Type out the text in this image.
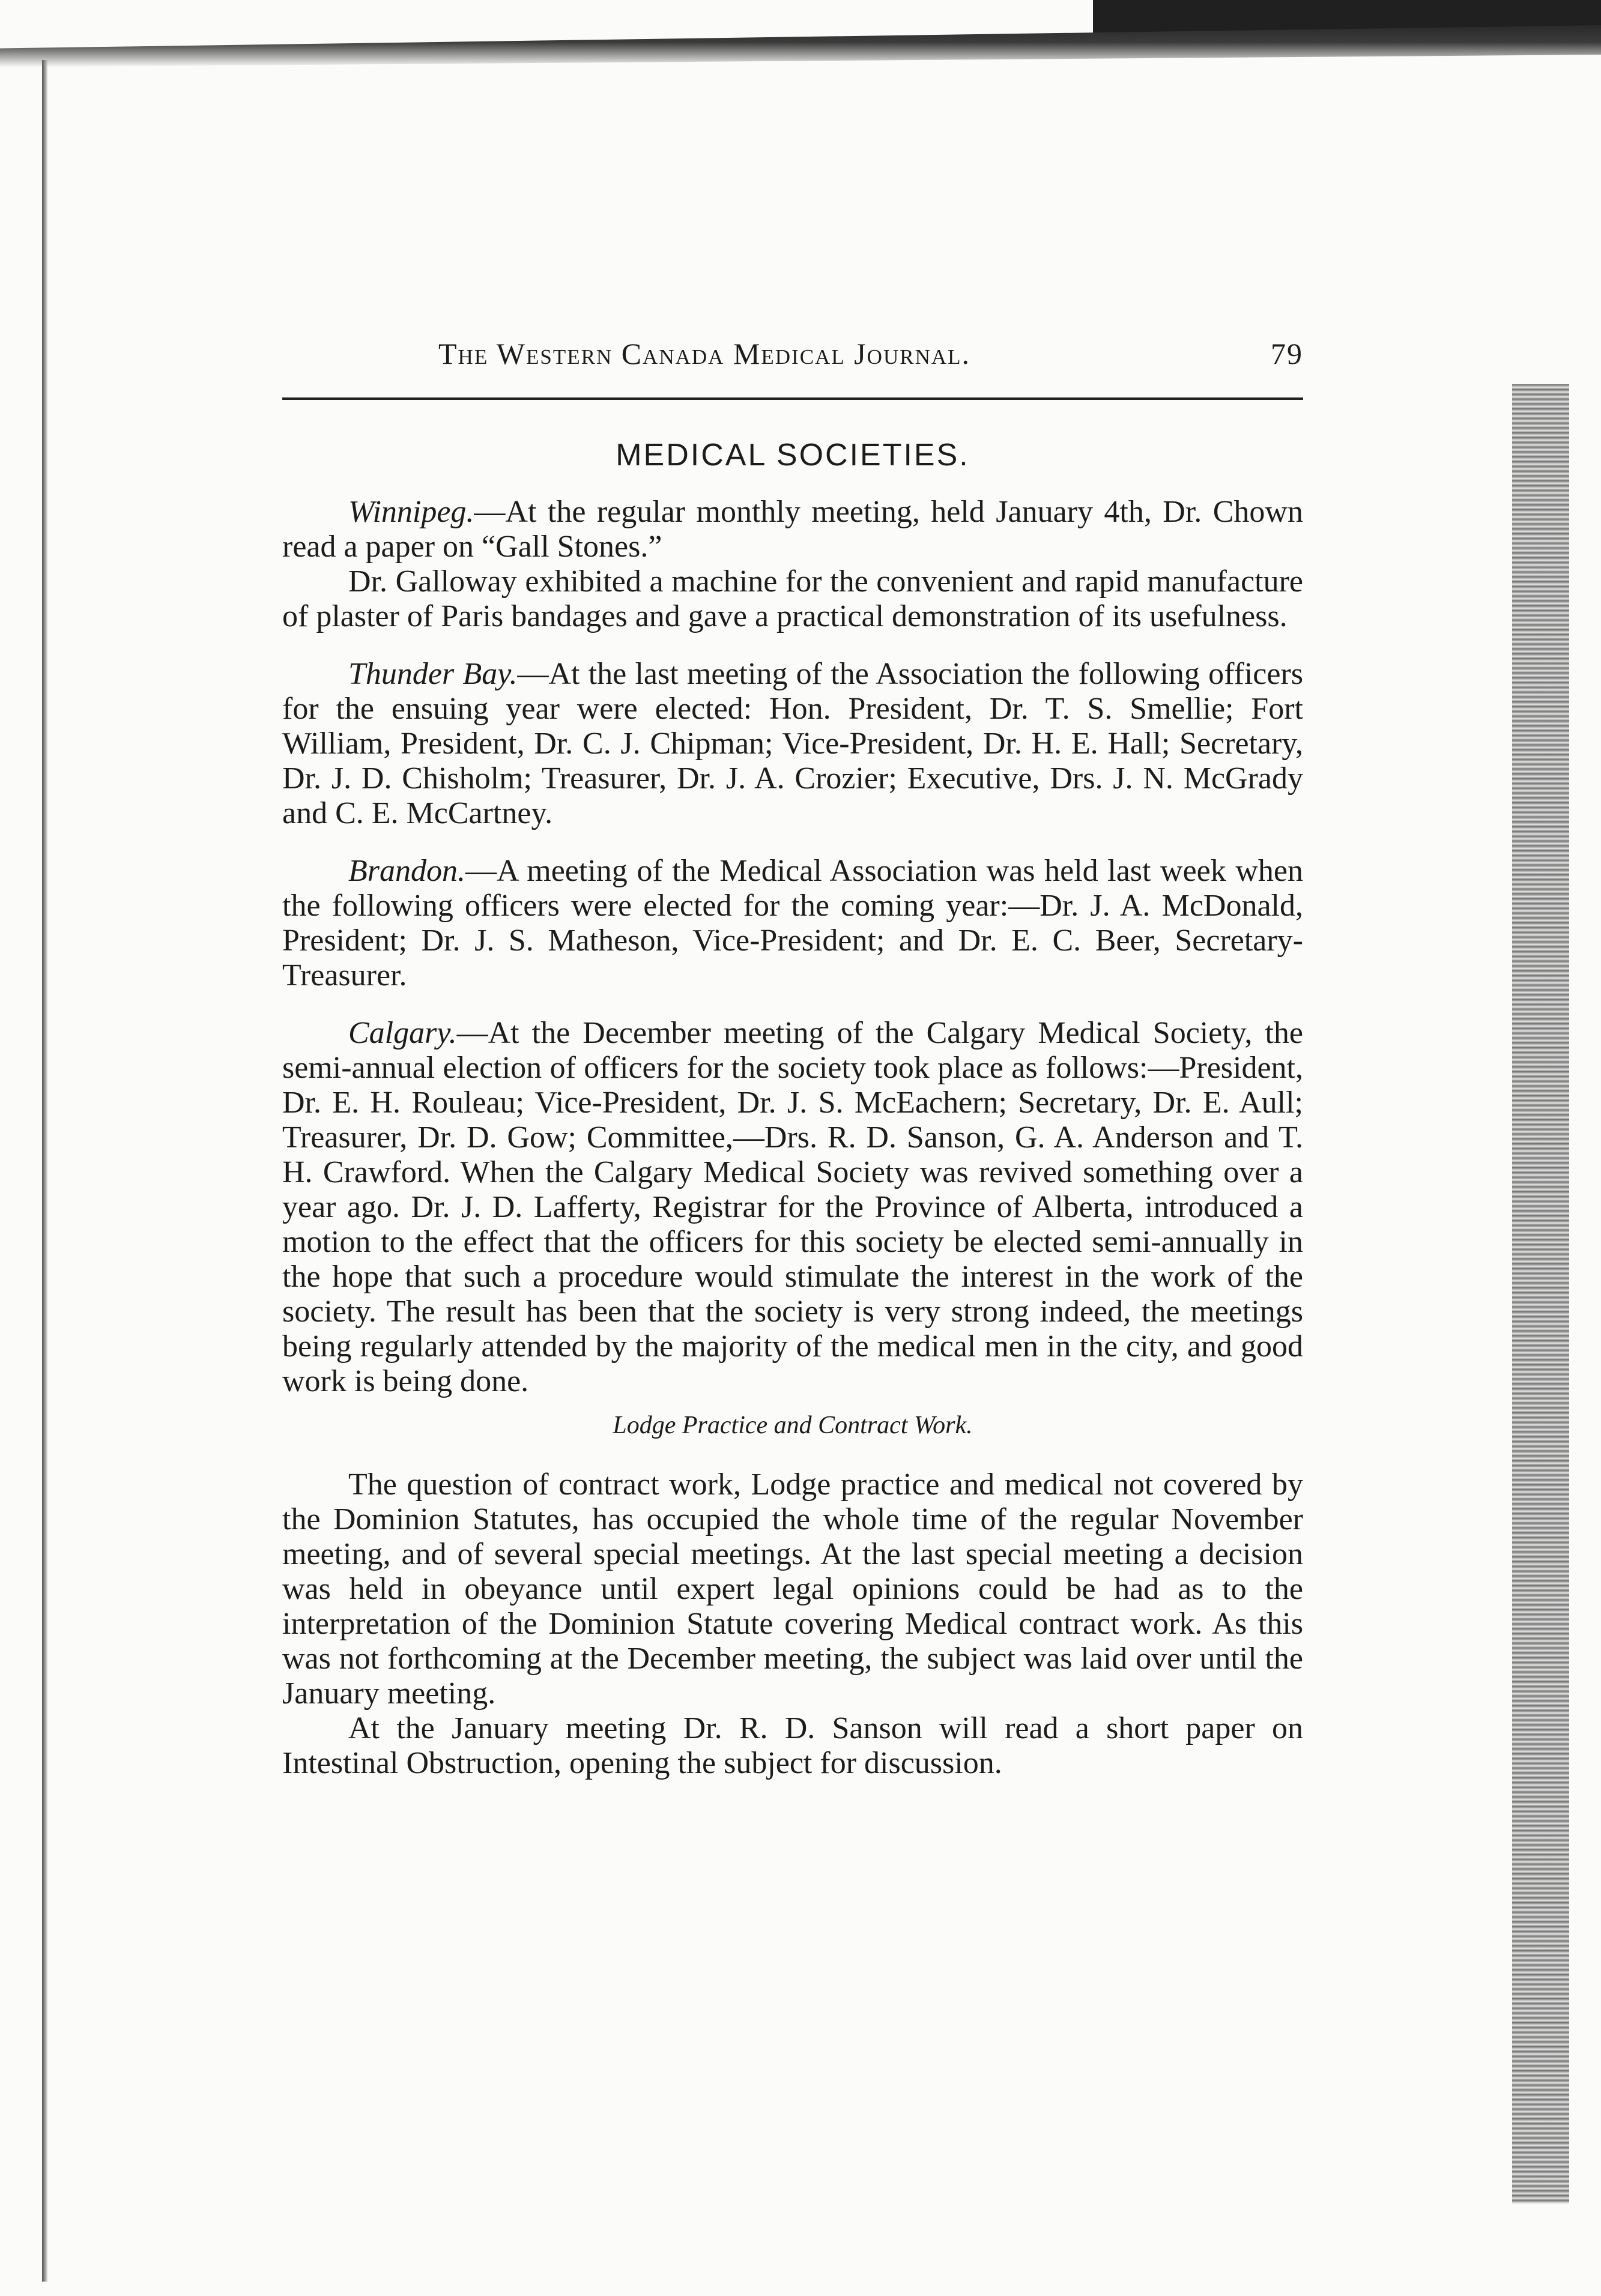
The Western Canada Medical Journal.	79
MEDICAL SOCIETIES.

Winnipeg.—At the regular monthly meeting, held January 4th, Dr. Chown read a paper on “Gall Stones.”

Dr. Galloway exhibited a machine for the convenient and rapid manufacture of plaster of Paris bandages and gave a practical demonstration of its usefulness.

Thunder Bay.—At the last meeting of the Association the following officers for the ensuing year were elected: Hon. President, Dr. T. S. Smellie; Fort William, President, Dr. C. J. Chipman; Vice-President, Dr. H. E. Hall; Secretary, Dr. J. D. Chisholm; Treasurer, Dr. J. A. Crozier; Executive, Drs. J. N. McGrady and C. E. McCartney.

Brandon.—A meeting of the Medical Association was held last week when the following officers were elected for the coming year:—Dr. J. A. McDonald, President; Dr. J. S. Matheson, Vice-President; and Dr. E. C. Beer, Secretary-Treasurer.

Calgary.—At the December meeting of the Calgary Medical Society, the semi-annual election of officers for the society took place as follows:—President, Dr. E. H. Rouleau; Vice-President, Dr. J. S. McEachern; Secretary, Dr. E. Aull; Treasurer, Dr. D. Gow; Committee,—Drs. R. D. Sanson, G. A. Anderson and T. H. Crawford. When the Calgary Medical Society was revived something over a year ago. Dr. J. D. Lafferty, Registrar for the Province of Alberta, introduced a motion to the effect that the officers for this society be elected semi-annually in the hope that such a procedure would stimulate the interest in the work of the society. The result has been that the society is very strong indeed, the meetings being regularly attended by the majority of the medical men in the city, and good work is being done.

Lodge Practice and Contract Work.

The question of contract work, Lodge practice and medical not covered by the Dominion Statutes, has occupied the whole time of the regular November meeting, and of several special meetings. At the last special meeting a decision was held in obeyance until expert legal opinions could be had as to the interpretation of the Dominion Statute covering Medical contract work. As this was not forthcoming at the December meeting, the subject was laid over until the January meeting.

At the January meeting Dr. R. D. Sanson will read a short paper on Intestinal Obstruction, opening the subject for discussion.
